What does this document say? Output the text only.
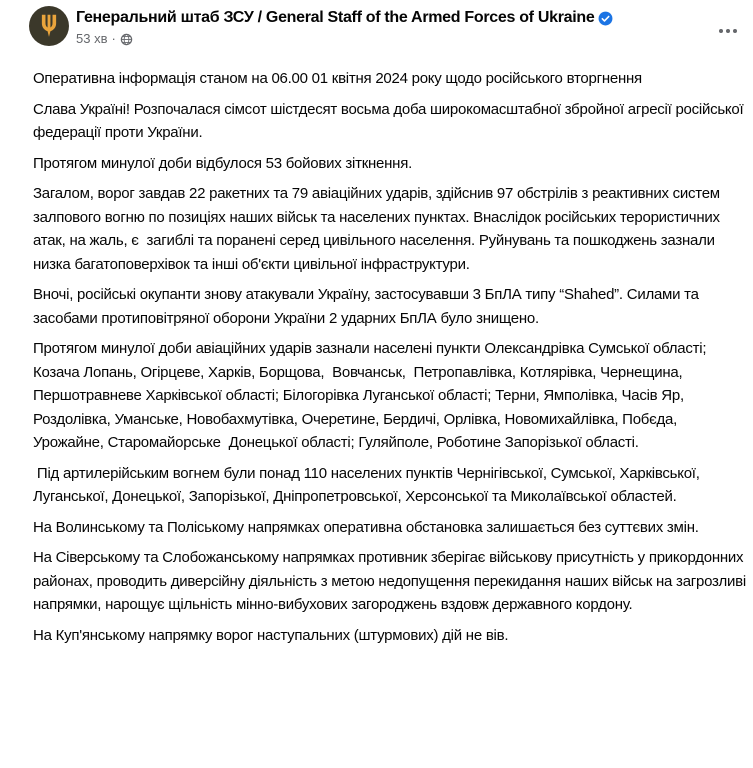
Генеральний штаб ЗСУ / General Staff of the Armed Forces of Ukraine
53 хв ·

Оперативна інформація станом на 06.00 01 квітня 2024 року щодо російського вторгнення

Слава Україні! Розпочалася сімсот шістдесят восьма доба широкомасштабної збройної агресії російської федерації проти України.

Протягом минулої доби відбулося 53 бойових зіткнення.

Загалом, ворог завдав 22 ракетних та 79 авіаційних ударів, здійснив 97 обстрілів з реактивних систем залпового вогню по позиціях наших військ та населених пунктах. Внаслідок російських терористичних атак, на жаль, є  загиблі та поранені серед цивільного населення. Руйнувань та пошкоджень зазнали низка багатоповерхівок та інші об'єкти цивільної інфраструктури.

Вночі, російські окупанти знову атакували Україну, застосувавши 3 БпЛА типу “Shahed”. Силами та засобами протиповітряної оборони України 2 ударних БпЛА було знищено.

Протягом минулої доби авіаційних ударів зазнали населені пункти Олександрівка Сумської області; Козача Лопань, Огірцеве, Харків, Борщова,  Вовчанськ,  Петропавлівка, Котлярівка, Чернещина, Першотравневе Харківської області; Білогорівка Луганської області; Терни, Ямполівка, Часів Яр, Роздолівка, Уманське, Новобахмутівка, Очеретине, Бердичі, Орлівка, Новомихайлівка, Побєда, Урожайне, Старомайорське  Донецької області; Гуляйполе, Роботине Запорізької області.

Під артилерійським вогнем були понад 110 населених пунктів Чернігівської, Сумської, Харківської, Луганської, Донецької, Запорізької, Дніпропетровської, Херсонської та Миколаївської областей.

На Волинському та Поліському напрямках оперативна обстановка залишається без суттєвих змін.

На Сіверському та Слобожанському напрямках противник зберігає військову присутність у прикордонних районах, проводить диверсійну діяльність з метою недопущення перекидання наших військ на загрозливі напрямки, нарощує щільність мінно-вибухових загороджень вздовж державного кордону.

На Куп'янському напрямку ворог наступальних (штурмових) дій не вів.
